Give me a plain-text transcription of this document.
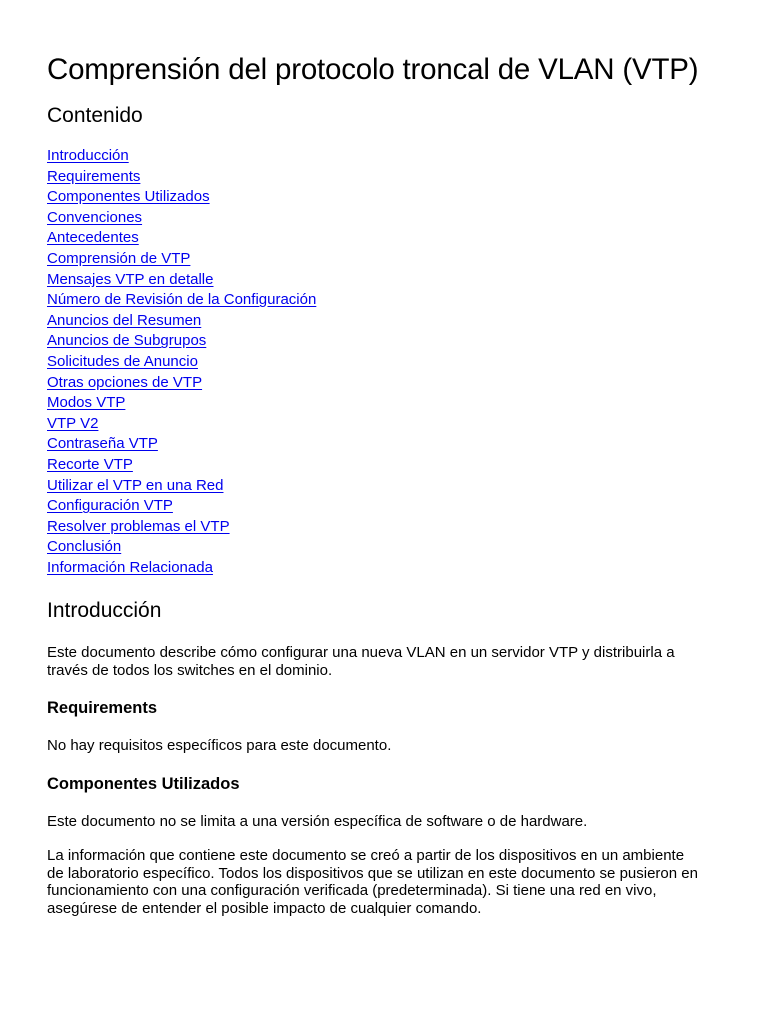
Comprensión del protocolo troncal de VLAN (VTP)
Contenido
Introducción
Requirements
Componentes Utilizados
Convenciones
Antecedentes
Comprensión de VTP
Mensajes VTP en detalle
Número de Revisión de la Configuración
Anuncios del Resumen
Anuncios de Subgrupos
Solicitudes de Anuncio
Otras opciones de VTP
Modos VTP
VTP V2
Contraseña VTP
Recorte VTP
Utilizar el VTP en una Red
Configuración VTP
Resolver problemas el VTP
Conclusión
Información Relacionada
Introducción

Este documento describe cómo configurar una nueva VLAN en un servidor VTP y distribuirla a
través de todos los switches en el dominio.

Requirements

No hay requisitos específicos para este documento.

Componentes Utilizados

Este documento no se limita a una versión específica de software o de hardware.

La información que contiene este documento se creó a partir de los dispositivos en un ambiente
de laboratorio específico. Todos los dispositivos que se utilizan en este documento se pusieron en
funcionamiento con una configuración verificada (predeterminada). Si tiene una red en vivo,
asegúrese de entender el posible impacto de cualquier comando.
